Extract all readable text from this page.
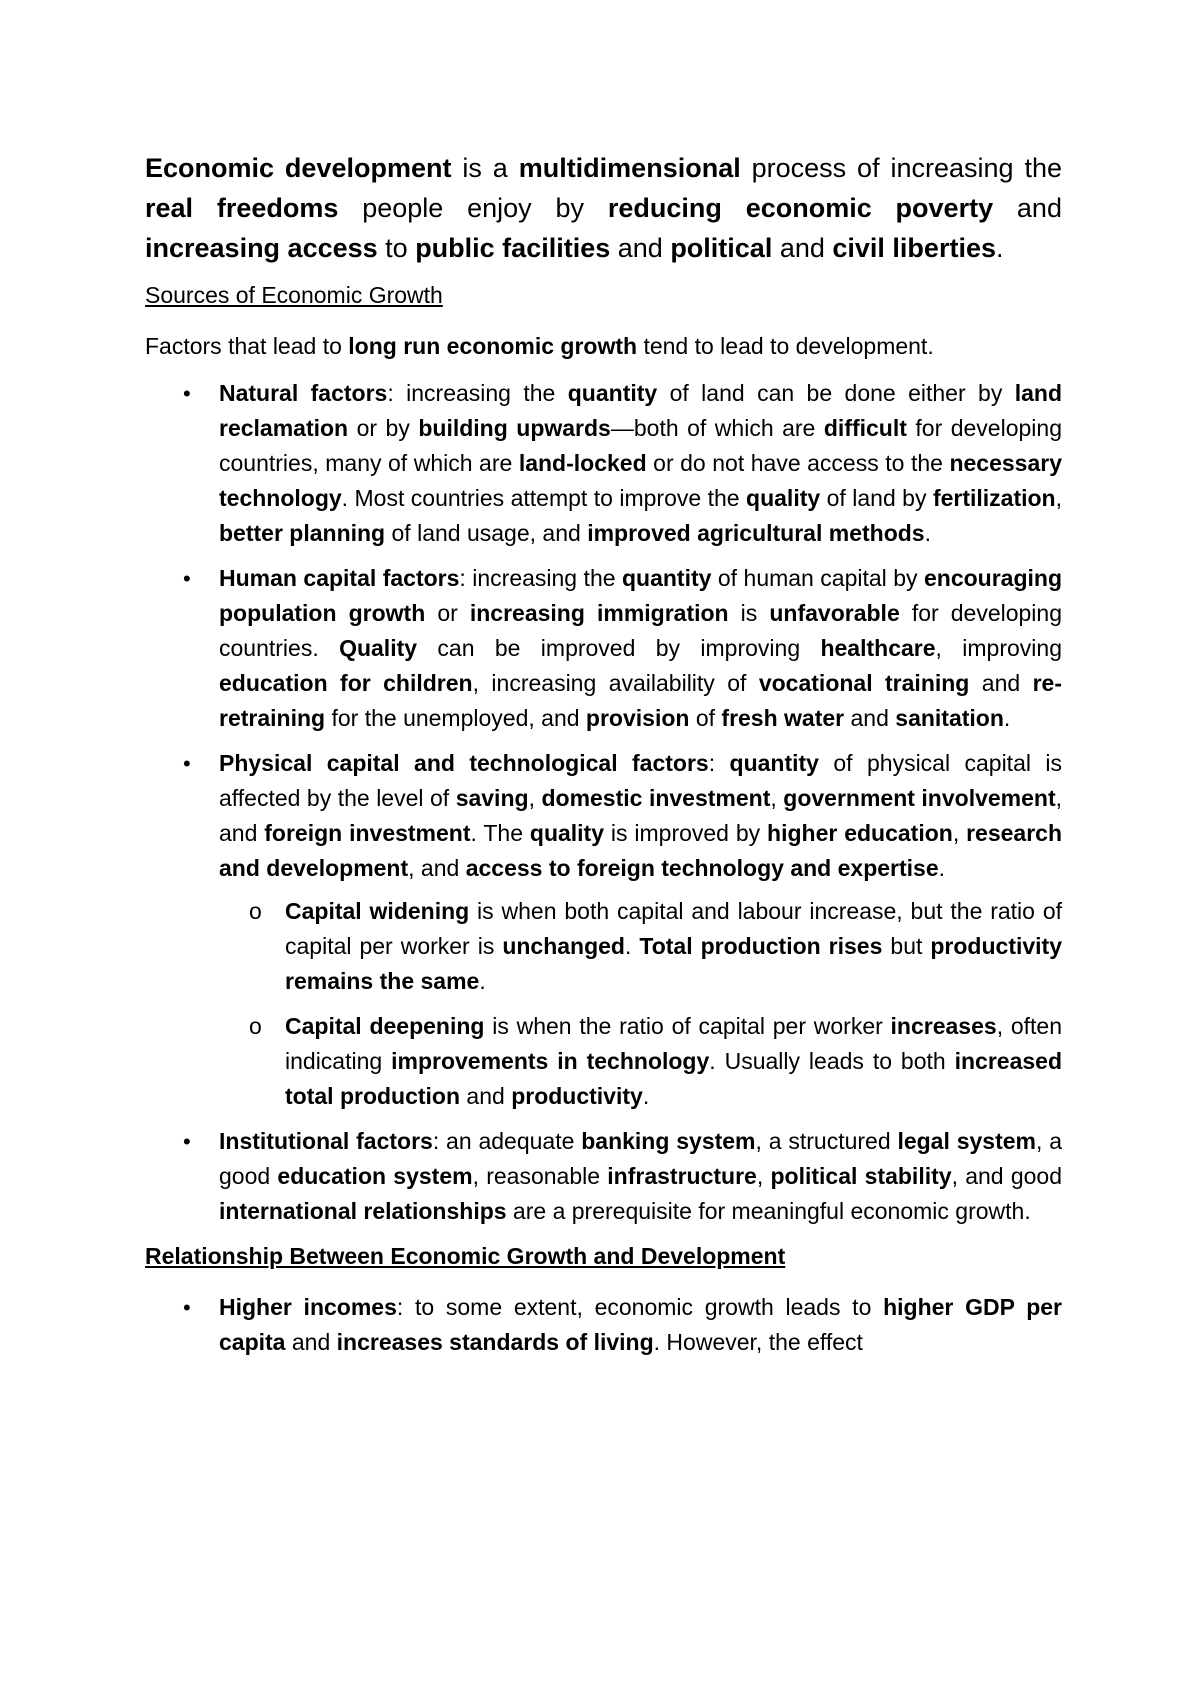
Economic development is a multidimensional process of increasing the real freedoms people enjoy by reducing economic poverty and increasing access to public facilities and political and civil liberties.

Sources of Economic Growth

Factors that lead to long run economic growth tend to lead to development.

• Natural factors: increasing the quantity of land can be done either by land reclamation or by building upwards—both of which are difficult for developing countries, many of which are land-locked or do not have access to the necessary technology. Most countries attempt to improve the quality of land by fertilization, better planning of land usage, and improved agricultural methods.
• Human capital factors: increasing the quantity of human capital by encouraging population growth or increasing immigration is unfavorable for developing countries. Quality can be improved by improving healthcare, improving education for children, increasing availability of vocational training and re-retraining for the unemployed, and provision of fresh water and sanitation.
• Physical capital and technological factors: quantity of physical capital is affected by the level of saving, domestic investment, government involvement, and foreign investment. The quality is improved by higher education, research and development, and access to foreign technology and expertise.
o Capital widening is when both capital and labour increase, but the ratio of capital per worker is unchanged. Total production rises but productivity remains the same.
o Capital deepening is when the ratio of capital per worker increases, often indicating improvements in technology. Usually leads to both increased total production and productivity.
• Institutional factors: an adequate banking system, a structured legal system, a good education system, reasonable infrastructure, political stability, and good international relationships are a prerequisite for meaningful economic growth.
Relationship Between Economic Growth and Development
• Higher incomes: to some extent, economic growth leads to higher GDP per capita and increases standards of living. However, the effect
